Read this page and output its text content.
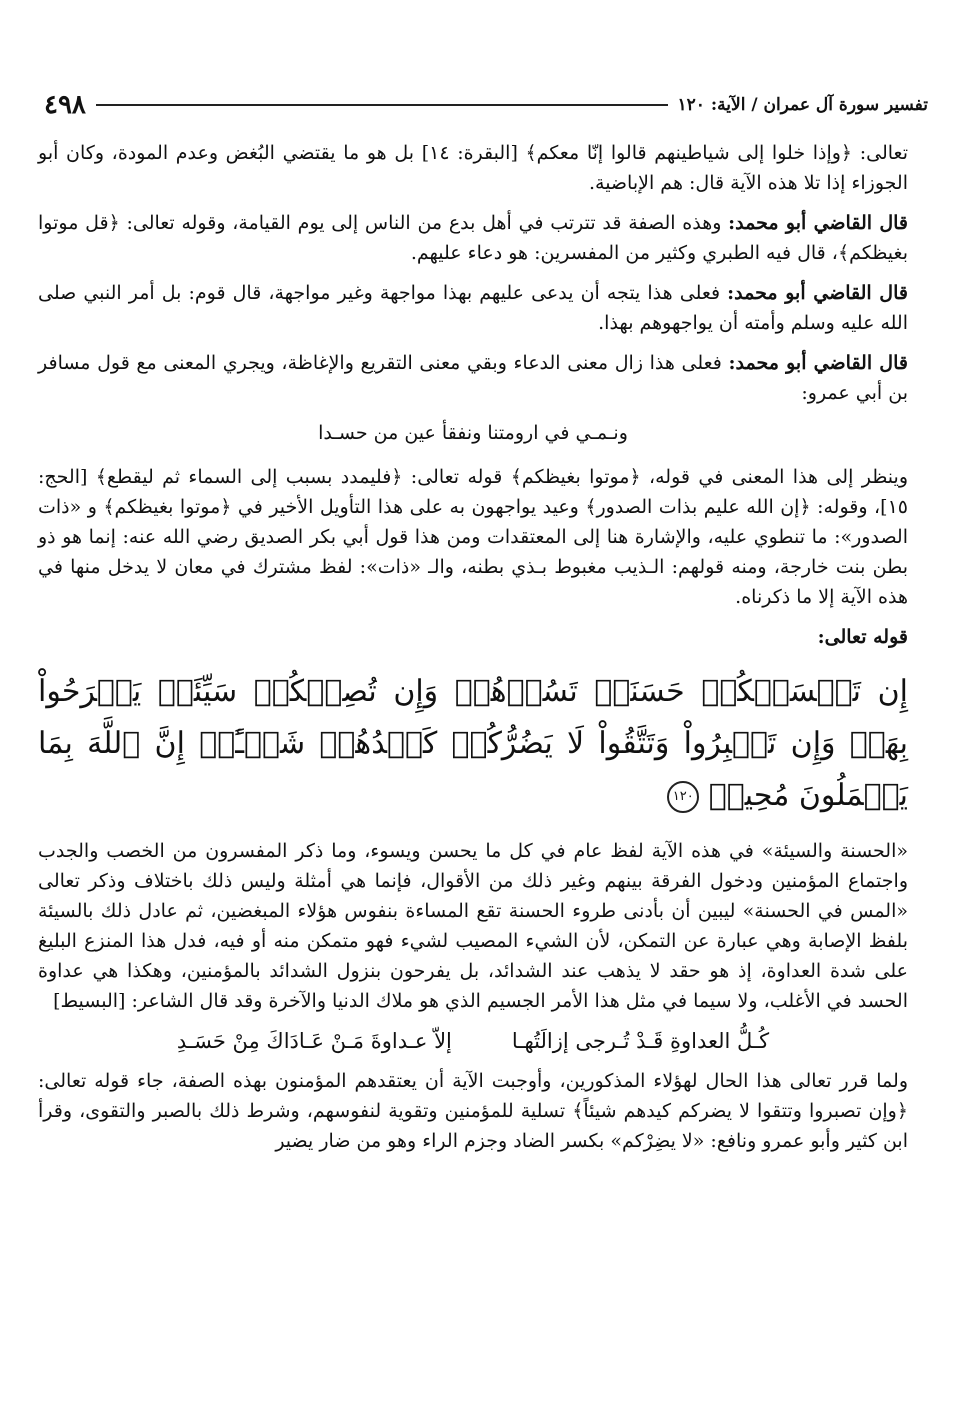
تفسير سورة آل عمران / الآية: ١٢٠
٤٩٨

تعالى: ﴿وإذا خلوا إلى شياطينهم قالوا إنّا معكم﴾ [البقرة: ١٤] بل هو ما يقتضي البُغض وعدم المودة، وكان أبو الجوزاء إذا تلا هذه الآية قال: هم الإباضية.

قال القاضي أبو محمد: وهذه الصفة قد تترتب في أهل بدع من الناس إلى يوم القيامة، وقوله تعالى: ﴿قل موتوا بغيظكم﴾، قال فيه الطبري وكثير من المفسرين: هو دعاء عليهم.

قال القاضي أبو محمد: فعلى هذا يتجه أن يدعى عليهم بهذا مواجهة وغير مواجهة، قال قوم: بل أمر النبي صلى الله عليه وسلم وأمته أن يواجهوهم بهذا.

قال القاضي أبو محمد: فعلى هذا زال معنى الدعاء وبقي معنى التقريع والإغاظة، ويجري المعنى مع قول مسافر بن أبي عمرو:

ونـمـي في ارومتنا ونفقأ عين من حسـدا

وينظر إلى هذا المعنى في قوله، ﴿موتوا بغيظكم﴾ قوله تعالى: ﴿فليمدد بسبب إلى السماء ثم ليقطع﴾ [الحج: ١٥]، وقوله: ﴿إن الله عليم بذات الصدور﴾ وعيد يواجهون به على هذا التأويل الأخير في ﴿موتوا بغيظكم﴾ و «ذات الصدور»: ما تنطوي عليه، والإشارة هنا إلى المعتقدات ومن هذا قول أبي بكر الصديق رضي الله عنه: إنما هو ذو بطن بنت خارجة، ومنه قولهم: الـذيب مغبوط بـذي بطنه، والـ «ذات»: لفظ مشترك في معان لا يدخل منها في هذه الآية إلا ما ذكرناه.

قوله تعالى:

إِن تَمۡسَسۡكُمۡ حَسَنَةٞ تَسُؤۡهُمۡ وَإِن تُصِبۡكُمۡ سَيِّئَةٞ يَفۡرَحُواْ بِهَاۖ وَإِن تَصۡبِرُواْ وَتَتَّقُواْ لَا يَضُرُّكُمۡ كَيۡدُهُمۡ شَيۡـًٔاۗ إِنَّ ٱللَّهَ بِمَا يَعۡمَلُونَ مُحِيطٞ ١٢٠

«الحسنة والسيئة» في هذه الآية لفظ عام في كل ما يحسن ويسوء، وما ذكر المفسرون من الخصب والجدب واجتماع المؤمنين ودخول الفرقة بينهم وغير ذلك من الأقوال، فإنما هي أمثلة وليس ذلك باختلاف وذكر تعالى «المس في الحسنة» ليبين أن بأدنى طروء الحسنة تقع المساءة بنفوس هؤلاء المبغضين، ثم عادل ذلك بالسيئة بلفظ الإصابة وهي عبارة عن التمكن، لأن الشيء المصيب لشيء فهو متمكن منه أو فيه، فدل هذا المنزع البليغ على شدة العداوة، إذ هو حقد لا يذهب عند الشدائد، بل يفرحون بنزول الشدائد بالمؤمنين، وهكذا هي عداوة الحسد في الأغلب، ولا سيما في مثل هذا الأمر الجسيم الذي هو ملاك الدنيا والآخرة وقد قال الشاعر: [البسيط]

كُـلُّ العداوةِ قَـدْ تُـرجى إزالَتُهـا
إلاّ عـداوةَ مَـنْ عَـادَاكَ مِنْ حَسَـدِ

ولما قرر تعالى هذا الحال لهؤلاء المذكورين، وأوجبت الآية أن يعتقدهم المؤمنون بهذه الصفة، جاء قوله تعالى: ﴿وإن تصبروا وتتقوا لا يضركم كيدهم شيئاً﴾ تسلية للمؤمنين وتقوية لنفوسهم، وشرط ذلك بالصبر والتقوى، وقرأ ابن كثير وأبو عمرو ونافع: «لا يضِرْكم» بكسر الضاد وجزم الراء وهو من ضار يضير
